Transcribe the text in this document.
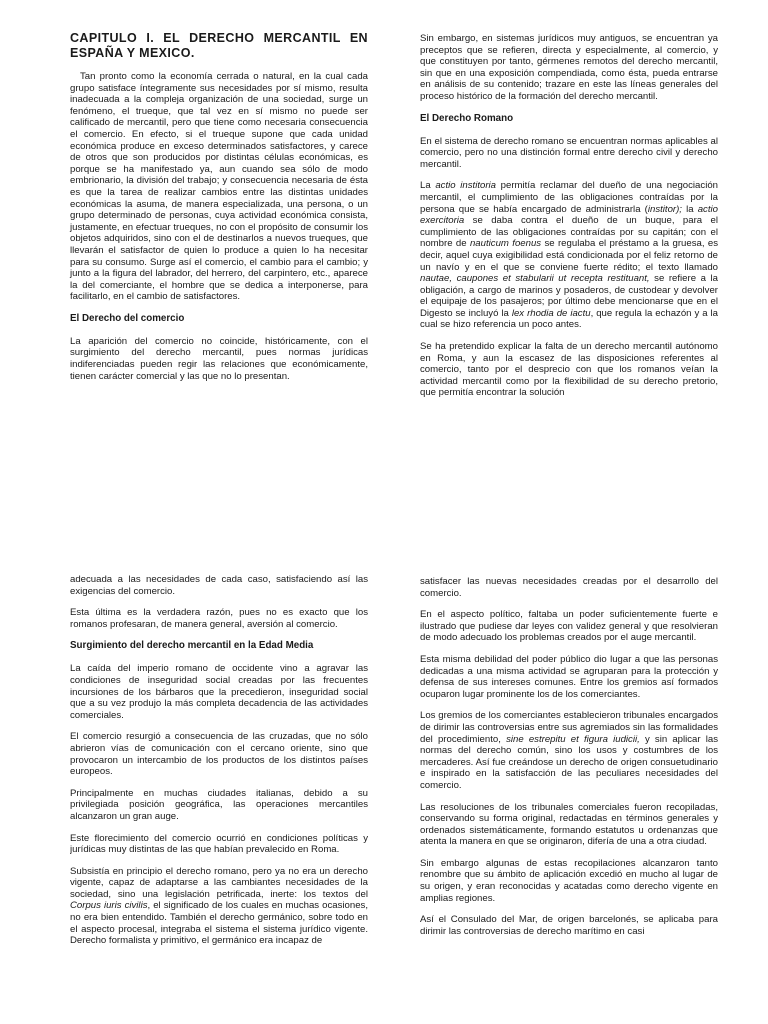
CAPITULO I. EL DERECHO MERCANTIL EN ESPAÑA Y MEXICO.

Tan pronto como la economía cerrada o natural, en la cual cada grupo satisface íntegramente sus necesidades por sí mismo, resulta inadecuada a la compleja organización de una sociedad, surge un fenómeno, el trueque, que tal vez en sí mismo no puede ser calificado de mercantil, pero que tiene como necesaria consecuencia el comercio. En efecto, si el trueque supone que cada unidad económica produce en exceso determinados satisfactores, y carece de otros que son producidos por distintas células económicas, es porque se ha manifestado ya, aun cuando sea sólo de modo embrionario, la división del trabajo; y consecuencia necesaria de ésta es que la tarea de realizar cambios entre las distintas unidades económicas la asuma, de manera especializada, una persona, o un grupo determinado de personas, cuya actividad económica consista, justamente, en efectuar trueques, no con el propósito de consumir los objetos adquiridos, sino con el de destinarlos a nuevos trueques, que llevarán el satisfactor de quien lo produce a quien lo ha necesitar para su consumo. Surge así el comercio, el cambio para el cambio; y junto a la figura del labrador, del herrero, del carpintero, etc., aparece la del comerciante, el hombre que se dedica a interponerse, para facilitarlo, en el cambio de satisfactores.

El Derecho del comercio

La aparición del comercio no coincide, históricamente, con el surgimiento del derecho mercantil, pues normas jurídicas indiferenciadas pueden regir las relaciones que económicamente, tienen carácter comercial y las que no lo presentan.

Sin embargo, en sistemas jurídicos muy antiguos, se encuentran ya preceptos que se refieren, directa y especialmente, al comercio, y que constituyen por tanto, gérmenes remotos del derecho mercantil, sin que en una exposición compendiada, como ésta, pueda entrarse en análisis de su contenido; trazare en este las líneas generales del proceso histórico de la formación del derecho mercantil.

El Derecho Romano

En el sistema de derecho romano se encuentran normas aplicables al comercio, pero no una distinción formal entre derecho civil y derecho mercantil.

La actio institoria permitía reclamar del dueño de una negociación mercantil, el cumplimiento de las obligaciones contraídas por la persona que se había encargado de administrarla (institor); la actio exercitoria se daba contra el dueño de un buque, para el cumplimiento de las obligaciones contraídas por su capitán; con el nombre de nauticum foenus se regulaba el préstamo a la gruesa, es decir, aquel cuya exigibilidad está condicionada por el feliz retorno de un navío y en el que se conviene fuerte rédito; el texto llamado nautae, caupones et stabularii ut recepta restituant, se refiere a la obligación, a cargo de marinos y posaderos, de custodear y devolver el equipaje de los pasajeros; por último debe mencionarse que en el Digesto se incluyó la lex rhodia de iactu, que regula la echazón y a la cual se hizo referencia un poco antes.

Se ha pretendido explicar la falta de un derecho mercantil autónomo en Roma, y aun la escasez de las disposiciones referentes al comercio, tanto por el desprecio con que los romanos veían la actividad mercantil como por la flexibilidad de su derecho pretorio, que permitía encontrar la solución

adecuada a las necesidades de cada caso, satisfaciendo así las exigencias del comercio.

Esta última es la verdadera razón, pues no es exacto que los romanos profesaran, de manera general, aversión al comercio.

Surgimiento del derecho mercantil en la Edad Media

La caída del imperio romano de occidente vino a agravar las condiciones de inseguridad social creadas por las frecuentes incursiones de los bárbaros que la precedieron, inseguridad social que a su vez produjo la más completa decadencia de las actividades comerciales.

El comercio resurgió a consecuencia de las cruzadas, que no sólo abrieron vías de comunicación con el cercano oriente, sino que provocaron un intercambio de los productos de los distintos países europeos.

Principalmente en muchas ciudades italianas, debido a su privilegiada posición geográfica, las operaciones mercantiles alcanzaron un gran auge.

Este florecimiento del comercio ocurrió en condiciones políticas y jurídicas muy distintas de las que habían prevalecido en Roma.

Subsistía en principio el derecho romano, pero ya no era un derecho vigente, capaz de adaptarse a las cambiantes necesidades de la sociedad, sino una legislación petrificada, inerte: los textos del Corpus iuris civilis, el significado de los cuales en muchas ocasiones, no era bien entendido. También el derecho germánico, sobre todo en el aspecto procesal, integraba el sistema el sistema jurídico vigente. Derecho formalista y primitivo, el germánico era incapaz de

satisfacer las nuevas necesidades creadas por el desarrollo del comercio.

En el aspecto político, faltaba un poder suficientemente fuerte e ilustrado que pudiese dar leyes con validez general y que resolvieran de modo adecuado los problemas creados por el auge mercantil.

Esta misma debilidad del poder público dio lugar a que las personas dedicadas a una misma actividad se agruparan para la protección y defensa de sus intereses comunes. Entre los gremios así formados ocuparon lugar prominente los de los comerciantes.

Los gremios de los comerciantes establecieron tribunales encargados de dirimir las controversias entre sus agremiados sin las formalidades del procedimiento, sine estrepitu et figura iudicii, y sin aplicar las normas del derecho común, sino los usos y costumbres de los mercaderes. Así fue creándose un derecho de origen consuetudinario e inspirado en la satisfacción de las peculiares necesidades del comercio.

Las resoluciones de los tribunales comerciales fueron recopiladas, conservando su forma original, redactadas en términos generales y ordenados sistemáticamente, formando estatutos u ordenanzas que atenta la manera en que se originaron, difería de una a otra ciudad.

Sin embargo algunas de estas recopilaciones alcanzaron tanto renombre que su ámbito de aplicación excedió en mucho al lugar de su origen, y eran reconocidas y acatadas como derecho vigente en amplias regiones.

Así el Consulado del Mar, de origen barcelonés, se aplicaba para dirimir las controversias de derecho marítimo en casi
